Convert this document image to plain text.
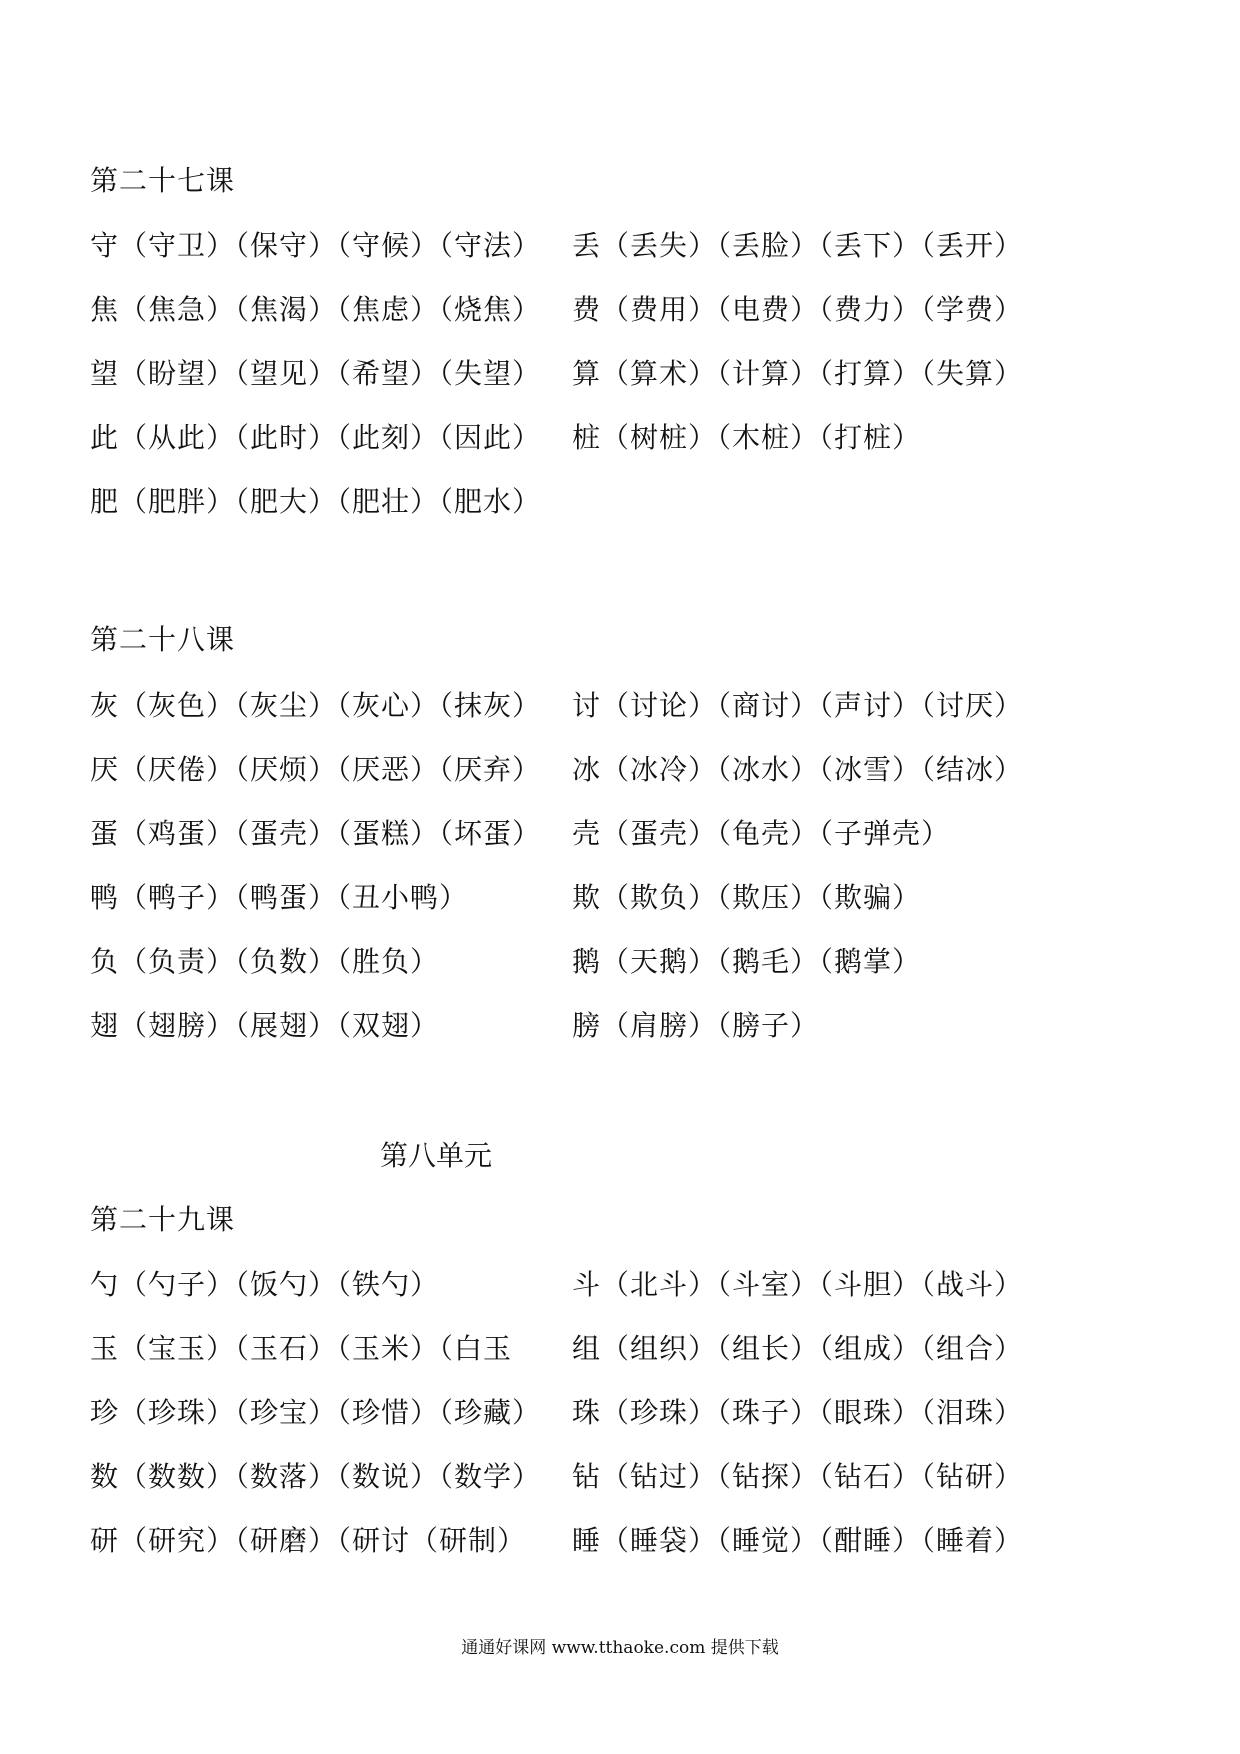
第二十七课
守（守卫）（保守）（守候）（守法） 丢（丢失）（丢脸）（丢下）（丢开）
焦（焦急）（焦渴）（焦虑）（烧焦） 费（费用）（电费）（费力）（学费）
望（盼望）（望见）（希望）（失望） 算（算术）（计算）（打算）（失算）
此（从此）（此时）（此刻）（因此） 桩（树桩）（木桩）（打桩）
肥（肥胖）（肥大）（肥壮）（肥水）
第二十八课
灰（灰色）（灰尘）（灰心）（抹灰） 讨（讨论）（商讨）（声讨）（讨厌）
厌（厌倦）（厌烦）（厌恶）（厌弃） 冰（冰冷）（冰水）（冰雪）（结冰）
蛋（鸡蛋）（蛋壳）（蛋糕）（坏蛋） 壳（蛋壳）（龟壳）（子弹壳）
鸭（鸭子）（鸭蛋）（丑小鸭）	欺（欺负）（欺压）（欺骗）
负（负责）（负数）（胜负）	鹅（天鹅）（鹅毛）（鹅掌）
翅（翅膀）（展翅）（双翅）	膀（肩膀）（膀子）
第八单元
第二十九课
勺（勺子）（饭勺）（铁勺）	斗（北斗）（斗室）（斗胆）（战斗）
玉（宝玉）（玉石）（玉米）（白玉 组（组织）（组长）（组成）（组合）
珍（珍珠）（珍宝）（珍惜）（珍藏） 珠（珍珠）（珠子）（眼珠）（泪珠）
数（数数）（数落）（数说）（数学） 钻（钻过）（钻探）（钻石）（钻研）
研（研究）（研磨）（研讨（研制） 睡（睡袋）（睡觉）（酣睡）（睡着）
通通好课网 www.tthaoke.com 提供下载
